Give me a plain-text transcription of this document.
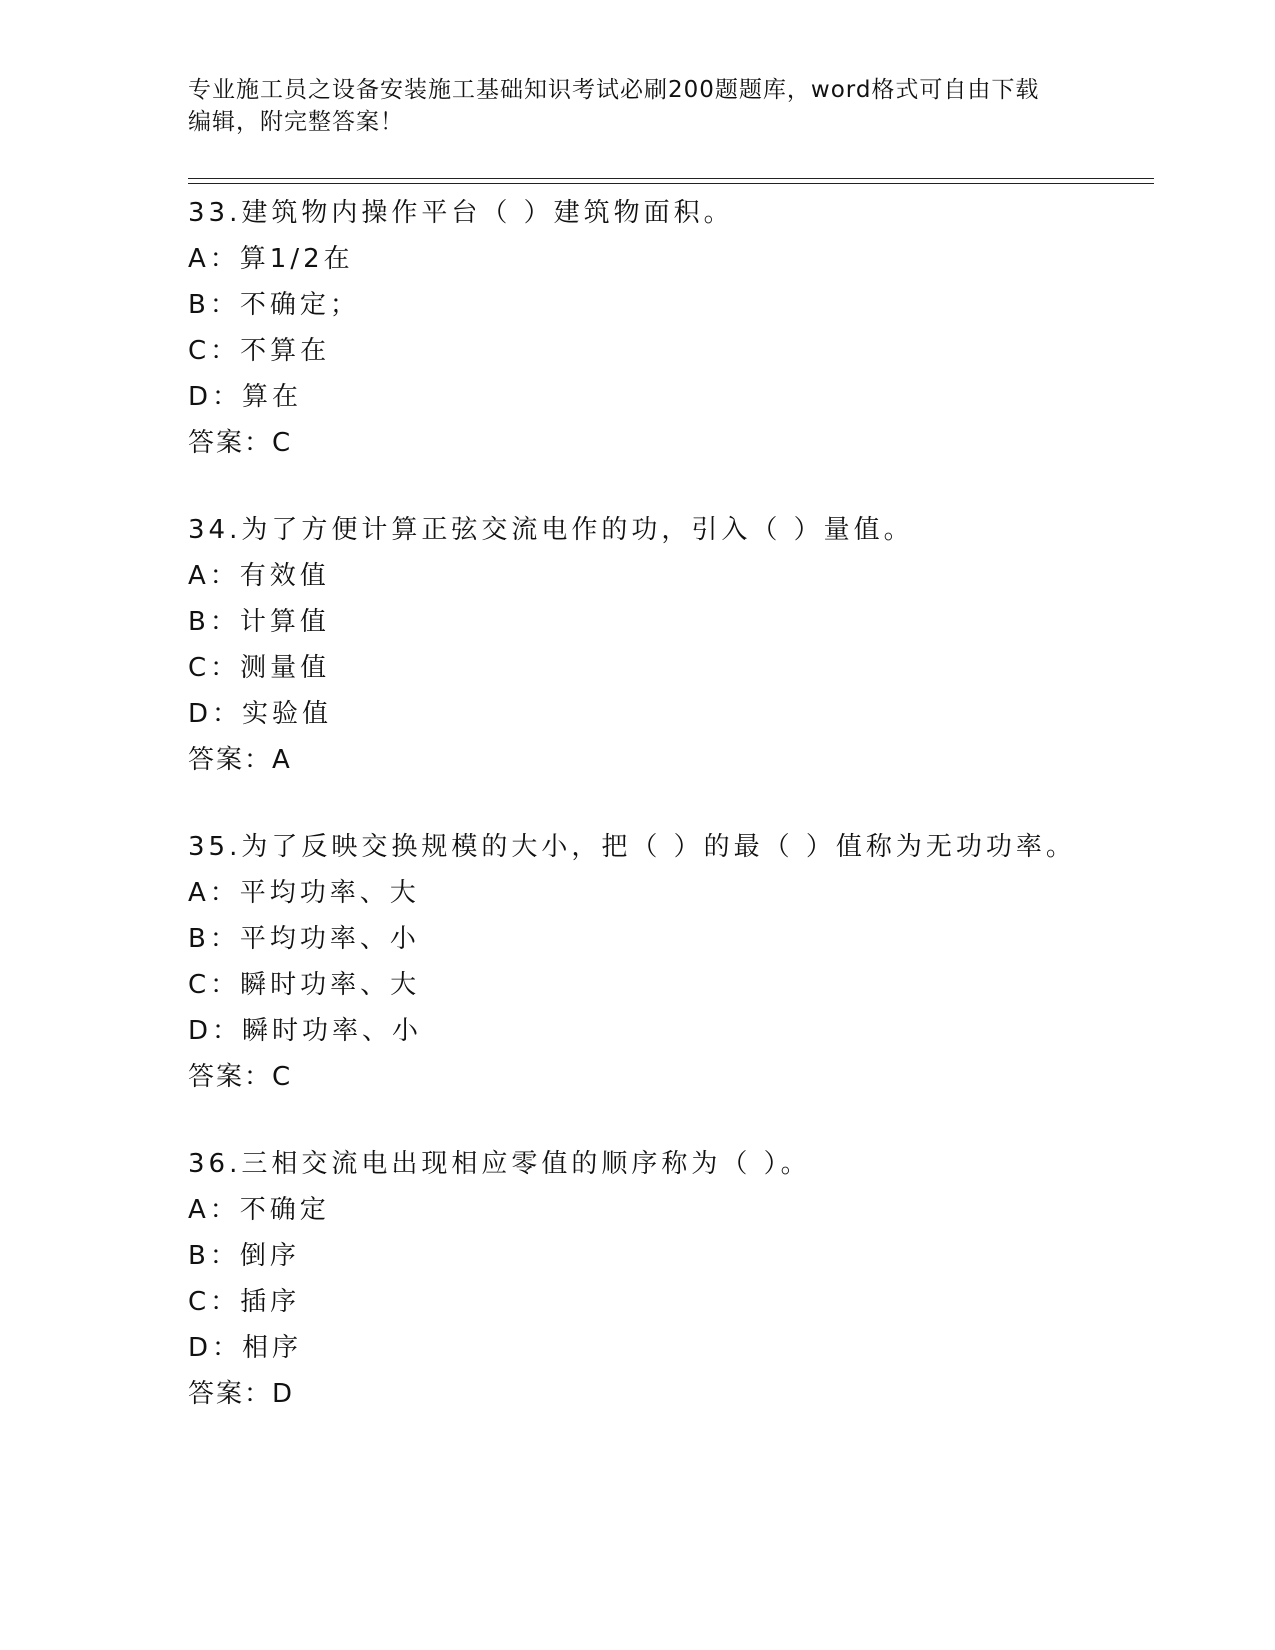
专业施工员之设备安装施工基础知识考试必刷200题题库，word格式可自由下载
编辑，附完整答案！
33.建筑物内操作平台（ ）建筑物面积。
A：算1/2在
B：不确定；
C：不算在
D：算在
答案：C
34.为了方便计算正弦交流电作的功，引入（ ）量值。
A：有效值
B：计算值
C：测量值
D：实验值
答案：A
35.为了反映交换规模的大小，把（ ）的最（ ）值称为无功功率。
A：平均功率、大
B：平均功率、小
C：瞬时功率、大
D：瞬时功率、小
答案：C
36.三相交流电出现相应零值的顺序称为（ ）。
A：不确定
B：倒序
C：插序
D：相序
答案：D
